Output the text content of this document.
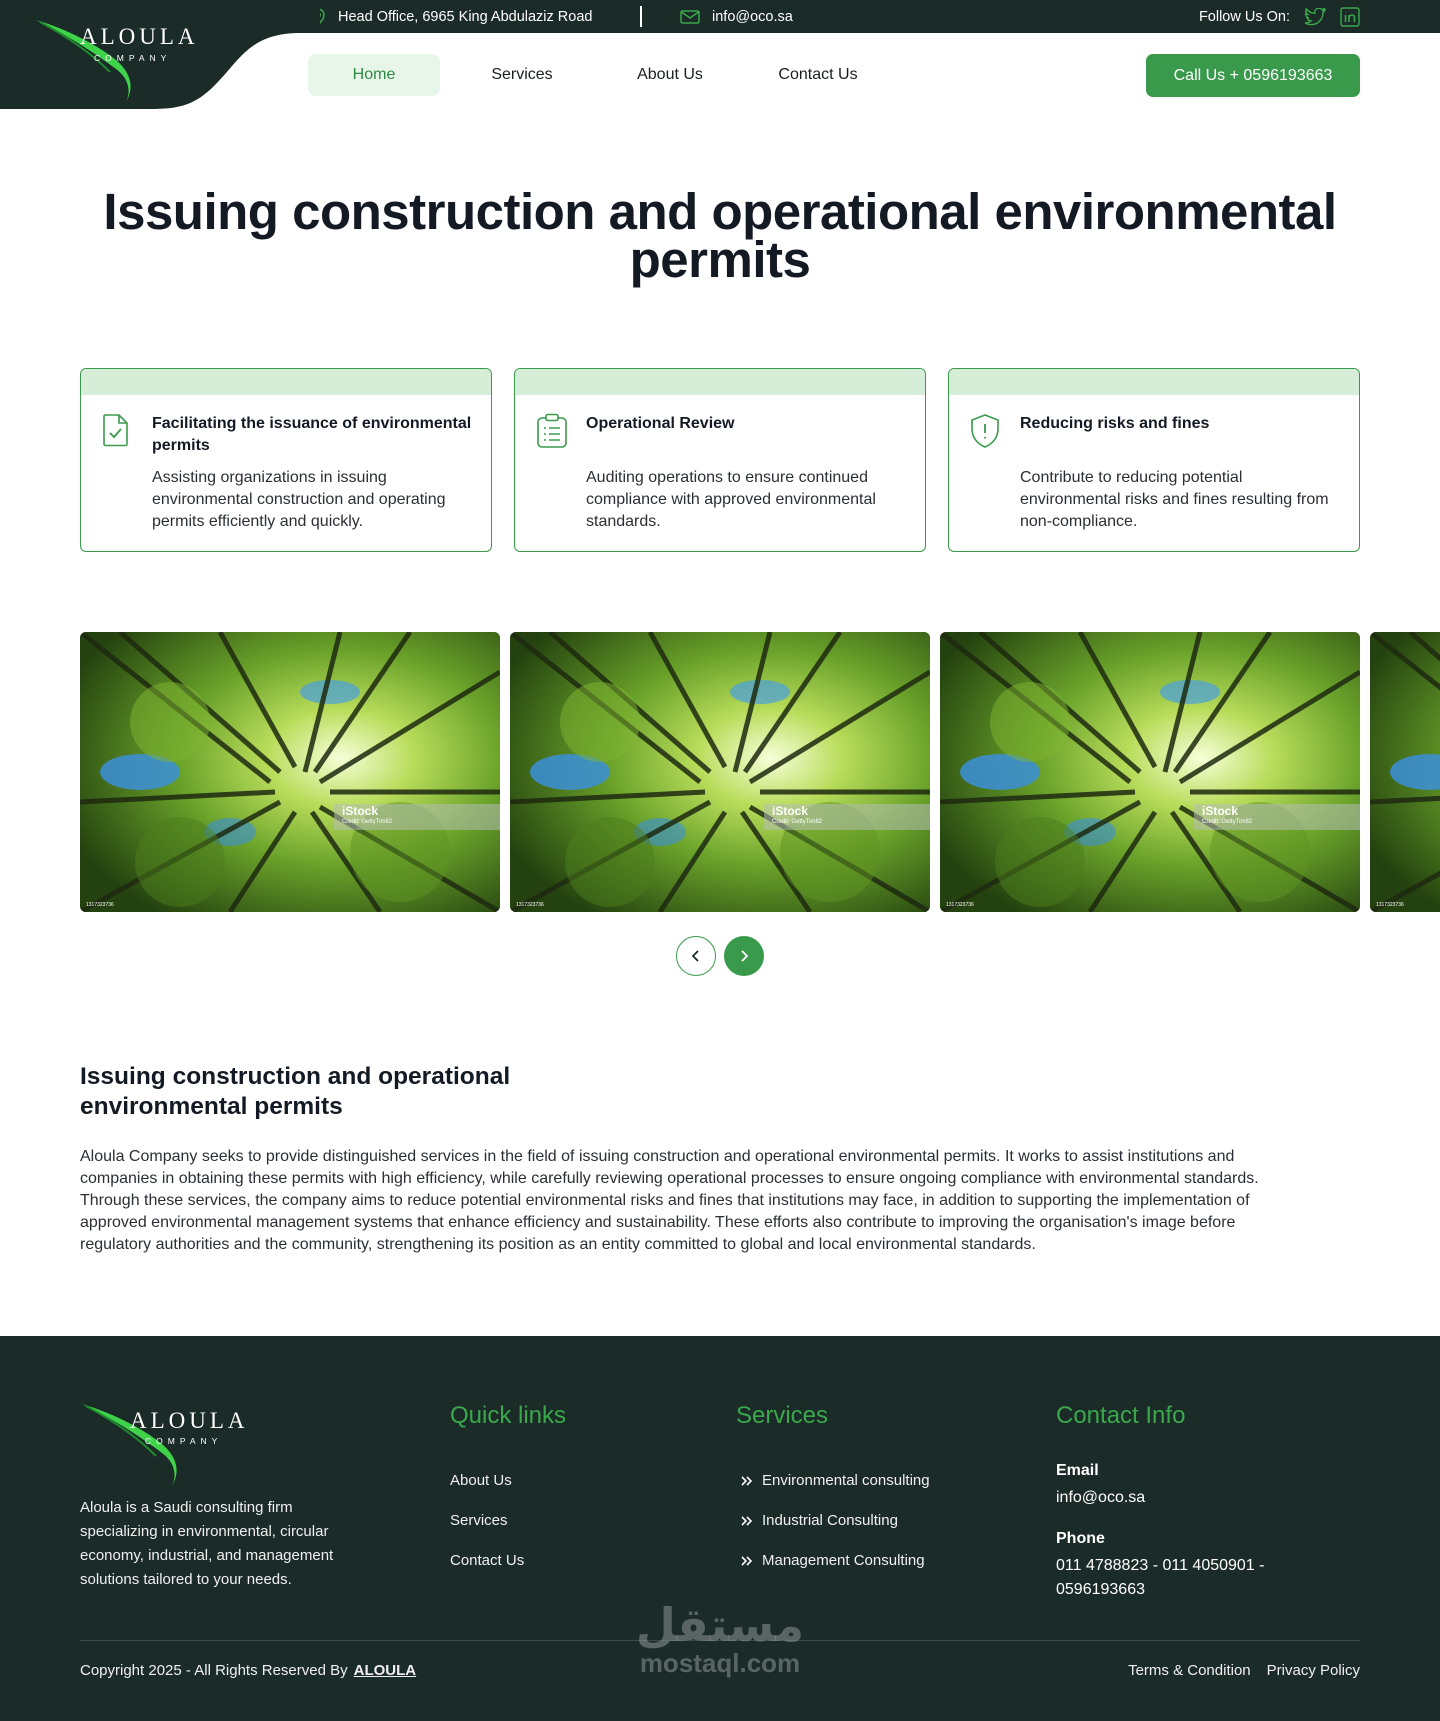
Head Office, 6965 King Abdulaziz Road	info@oco.sa	Follow Us On:
ALOULA
COMPANY
Home	Services	About Us	Contact Us	Call Us + 0596193663
Issuing construction and operational environmental permits
Facilitating the issuance of environmental permits
Assisting organizations in issuing environmental construction and operating permits efficiently and quickly.
Operational Review
Auditing operations to ensure continued compliance with approved environmental standards.
Reducing risks and fines
Contribute to reducing potential environmental risks and fines resulting from non-compliance.
iStock
Credit: GettyTim82
1317323736
iStock
Credit: GettyTim82
1317323736
iStock
Credit: GettyTim82
1317323736	1317323736
Issuing construction and operational environmental permits

Aloula Company seeks to provide distinguished services in the field of issuing construction and operational environmental permits. It works to assist institutions and companies in obtaining these permits with high efficiency, while carefully reviewing operational processes to ensure ongoing compliance with environmental standards. Through these services, the company aims to reduce potential environmental risks and fines that institutions may face, in addition to supporting the implementation of approved environmental management systems that enhance efficiency and sustainability. These efforts also contribute to improving the organisation's image before regulatory authorities and the community, strengthening its position as an entity committed to global and local environmental standards.

ALOULA
COMPANY

Aloula is a Saudi consulting firm specializing in environmental, circular economy, industrial, and management solutions tailored to your needs.

Quick links
About Us
Services
Contact Us
Services
Environmental consulting
Industrial Consulting
Management Consulting
Contact Info
Email
info@oco.sa
Phone
011 4788823 - 011 4050901 - 0596193663
Copyright 2025 - All Rights Reserved By ALOULA	Terms & Condition Privacy Policy
مستقل
mostaql.com
